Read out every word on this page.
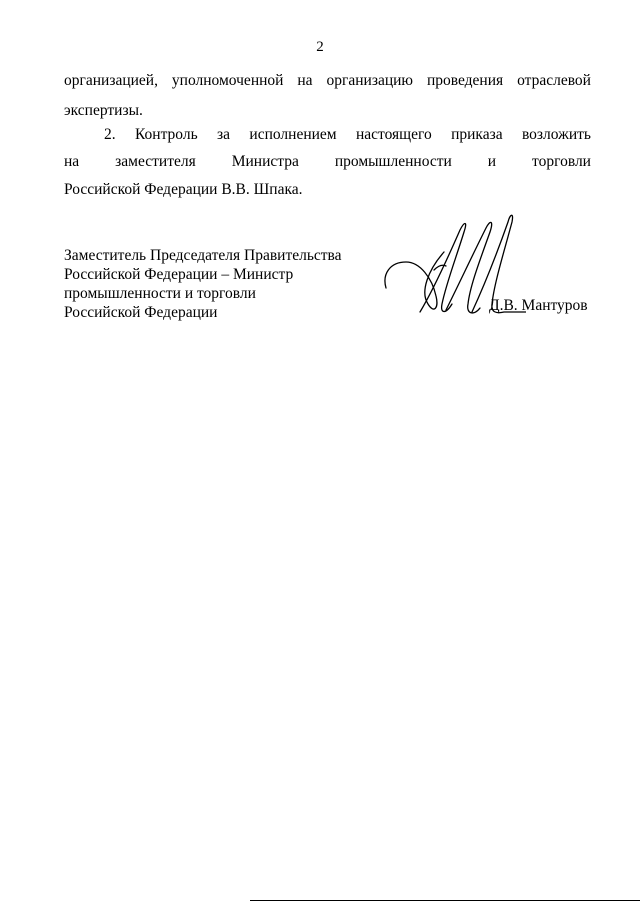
2
организацией, уполномоченной на организацию проведения отраслевой
экспертизы.
2. Контроль за исполнением настоящего приказа возложить
на заместителя Министра промышленности и торговли
Российской Федерации В.В. Шпака.
Заместитель Председателя Правительства
Российской Федерации – Министр
промышленности и торговли
Российской Федерации	Д.В. Мантуров
